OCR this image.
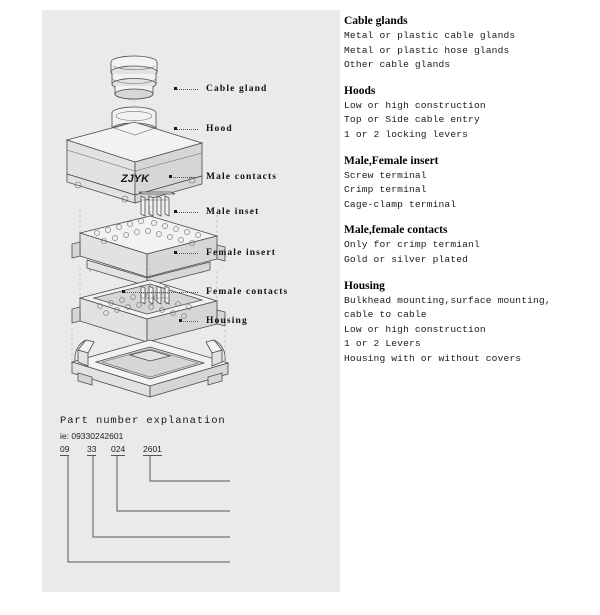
ZJYK
Cable gland
Hood
Male contacts
Male inset
Female insert
Female contacts
Housing
Part number explanation
ie: 09330242601
09 33 024 2601
Cable glands
Metal or plastic cable glands
Metal or plastic hose glands
Other cable glands
Hoods
Low or high construction
Top or Side cable entry
1 or 2 locking levers
Male,Female insert
Screw terminal
Crimp terminal
Cage-clamp terminal
Male,female contacts
Only for crimp termianl
Gold or silver plated
Housing
Bulkhead mounting,surface mounting,
cable to cable
Low or high construction
1 or 2 Levers
Housing with or without covers
